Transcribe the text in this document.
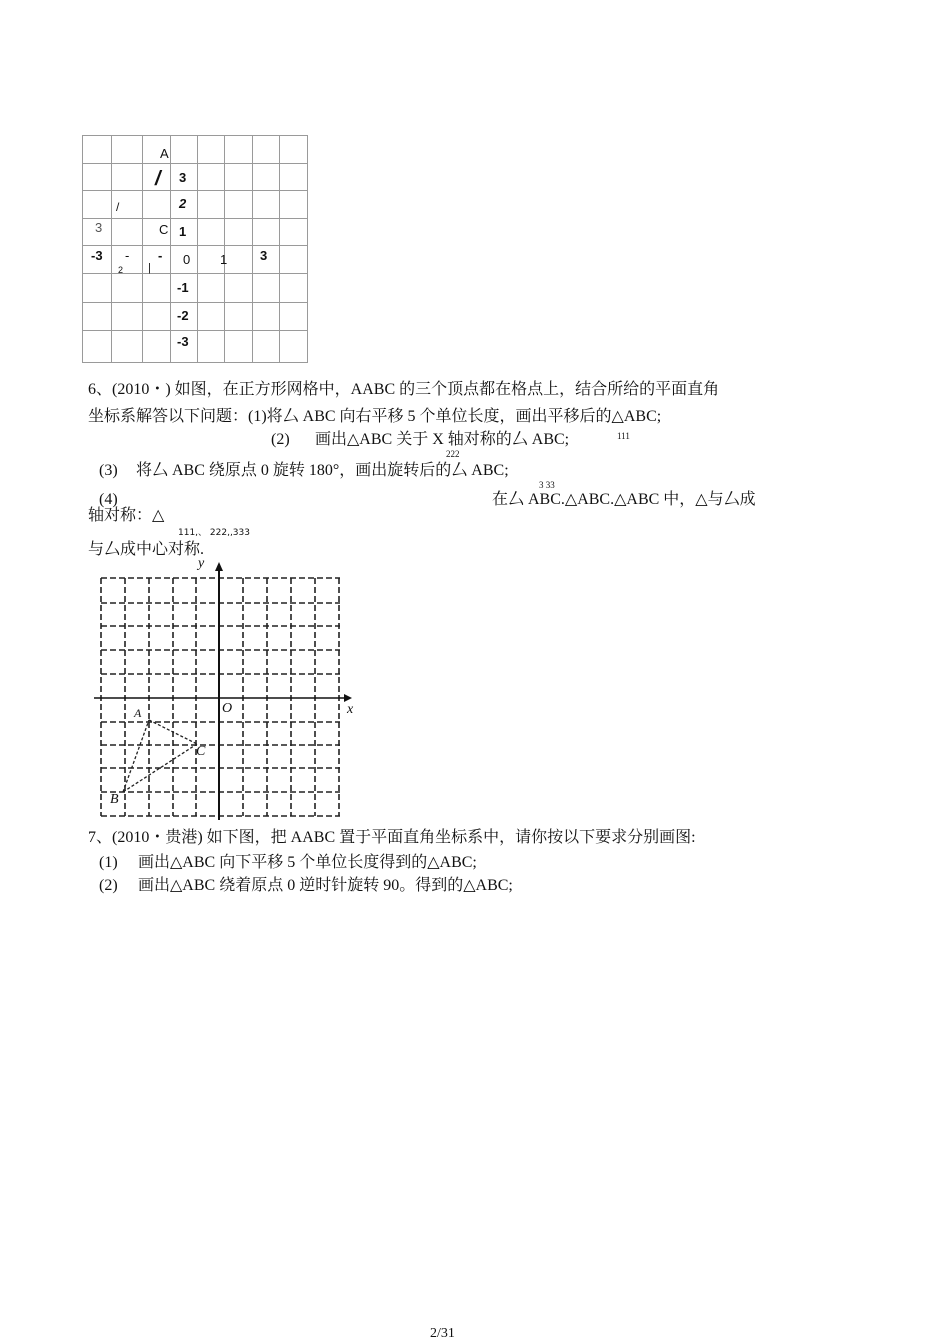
A
/ 3
2
/
3	C 1
-3 -
2 |
- 0 1	3
-1
-2
-3
6、(2010・) 如图，在正方形网格中，AABC 的三个顶点都在格点上，结合所给的平面直角
坐标系解答以下问题：(1)将厶 ABC 向右平移 5 个单位长度，画出平移后的△ABC;
(2) 画出△ABC 关于 X 轴对称的厶 ABC;	111
222
(3) 将厶 ABC 绕原点 0 旋转 180°，画出旋转后的厶 ABC;
3 33
(4)	在厶 ABC.△ABC.△ABC 中，△与厶成
轴对称：△
111,、 222,,333
与厶成中心对称.
y
x
O
A
B
C
7、(2010・贵港) 如下图，把 AABC 置于平面直角坐标系中，请你按以下要求分别画图:
(1) 画出△ABC 向下平移 5 个单位长度得到的△ABC;
(2) 画出△ABC 绕着原点 0 逆时针旋转 90。得到的△ABC;
2/31
